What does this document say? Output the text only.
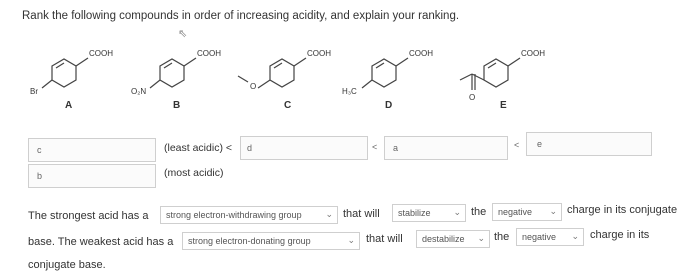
Rank the following compounds in order of increasing acidity, and explain your ranking.
⇖
COOH
Br
COOH
O₂N
COOH
O
COOH
H₃C
COOH
O
A	B	C	D	E
c
b
(least acidic) <
(most acidic)
d	< a	< e
The strongest acid has a	strong electron-withdrawing group	⌄ that will	stabilize	⌄ the	negative ⌄ charge in its conjugate
base. The weakest acid has a	strong electron-donating group	⌄ that will	destabilize ⌄ the	negative ⌄ charge in its
conjugate base.
